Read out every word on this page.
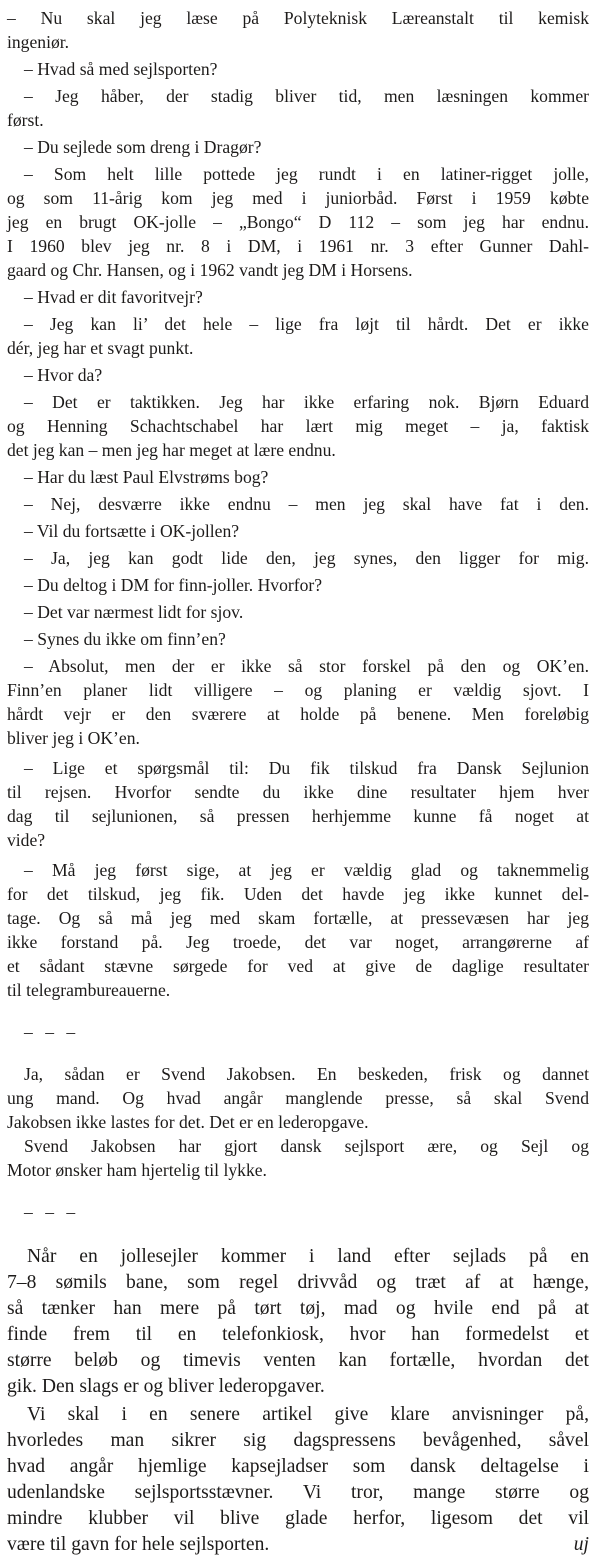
– Nu skal jeg læse på Polyteknisk Læreanstalt til kemisk
ingeniør.
– Hvad så med sejlsporten?
– Jeg håber, der stadig bliver tid, men læsningen kommer
først.
– Du sejlede som dreng i Dragør?
– Som helt lille pottede jeg rundt i en latiner-rigget jolle,
og som 11-årig kom jeg med i juniorbåd. Først i 1959 købte
jeg en brugt OK-jolle – „Bongo“ D 112 – som jeg har endnu.
I 1960 blev jeg nr. 8 i DM, i 1961 nr. 3 efter Gunner Dahl-
gaard og Chr. Hansen, og i 1962 vandt jeg DM i Horsens.
– Hvad er dit favoritvejr?
– Jeg kan li’ det hele – lige fra løjt til hårdt. Det er ikke
dér, jeg har et svagt punkt.
– Hvor da?
– Det er taktikken. Jeg har ikke erfaring nok. Bjørn Eduard
og Henning Schachtschabel har lært mig meget – ja, faktisk
det jeg kan – men jeg har meget at lære endnu.
– Har du læst Paul Elvstrøms bog?
– Nej, desværre ikke endnu – men jeg skal have fat i den.
– Vil du fortsætte i OK-jollen?
– Ja, jeg kan godt lide den, jeg synes, den ligger for mig.
– Du deltog i DM for finn-joller. Hvorfor?
– Det var nærmest lidt for sjov.
– Synes du ikke om finn’en?
– Absolut, men der er ikke så stor forskel på den og OK’en.
Finn’en planer lidt villigere – og planing er vældig sjovt. I
hårdt vejr er den sværere at holde på benene. Men foreløbig
bliver jeg i OK’en.
– Lige et spørgsmål til: Du fik tilskud fra Dansk Sejlunion
til rejsen. Hvorfor sendte du ikke dine resultater hjem hver
dag til sejlunionen, så pressen herhjemme kunne få noget at
vide?
– Må jeg først sige, at jeg er vældig glad og taknemmelig
for det tilskud, jeg fik. Uden det havde jeg ikke kunnet del-
tage. Og så må jeg med skam fortælle, at pressevæsen har jeg
ikke forstand på. Jeg troede, det var noget, arrangørerne af
et sådant stævne sørgede for ved at give de daglige resultater
til telegrambureauerne.
– – –
Ja, sådan er Svend Jakobsen. En beskeden, frisk og dannet
ung mand. Og hvad angår manglende presse, så skal Svend
Jakobsen ikke lastes for det. Det er en lederopgave.
Svend Jakobsen har gjort dansk sejlsport ære, og Sejl og
Motor ønsker ham hjertelig til lykke.
– – –
Når en jollesejler kommer i land efter sejlads på en
7–8 sømils bane, som regel drivvåd og træt af at hænge,
så tænker han mere på tørt tøj, mad og hvile end på at
finde frem til en telefonkiosk, hvor han formedelst et
større beløb og timevis venten kan fortælle, hvordan det
gik. Den slags er og bliver lederopgaver.
Vi skal i en senere artikel give klare anvisninger på,
hvorledes man sikrer sig dagspressens bevågenhed, såvel
hvad angår hjemlige kapsejladser som dansk deltagelse i
udenlandske sejlsportsstævner. Vi tror, mange større og
mindre klubber vil blive glade herfor, ligesom det vil
være til gavn for hele sejlsporten.	uj
